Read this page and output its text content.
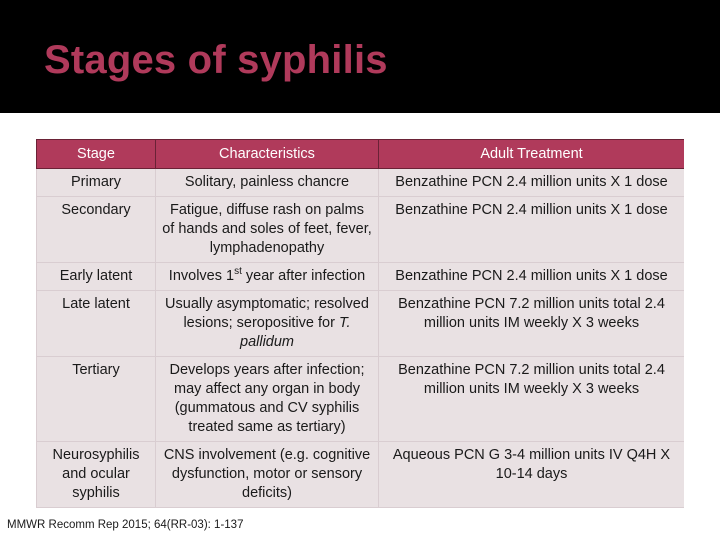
Stages of syphilis
Stage	Characteristics	Adult Treatment
Primary	Solitary, painless chancre	Benzathine PCN 2.4 million units X 1 dose
Secondary	Fatigue, diffuse rash on palms of hands and soles of feet, fever, lymphadenopathy	Benzathine PCN 2.4 million units X 1 dose
Early latent	Involves 1st year after infection	Benzathine PCN 2.4 million units X 1 dose
Late latent	Usually asymptomatic; resolved lesions; seropositive for T. pallidum	Benzathine PCN 7.2 million units total 2.4 million units IM weekly X 3 weeks
Tertiary	Develops years after infection; may affect any organ in body (gummatous and CV syphilis treated same as tertiary)	Benzathine PCN 7.2 million units total 2.4 million units IM weekly X 3 weeks
Neurosyphilis and ocular syphilis	CNS involvement (e.g. cognitive dysfunction, motor or sensory deficits)	Aqueous PCN G 3-4 million units IV Q4H X 10-14 days

MMWR Recomm Rep 2015; 64(RR-03): 1-137
